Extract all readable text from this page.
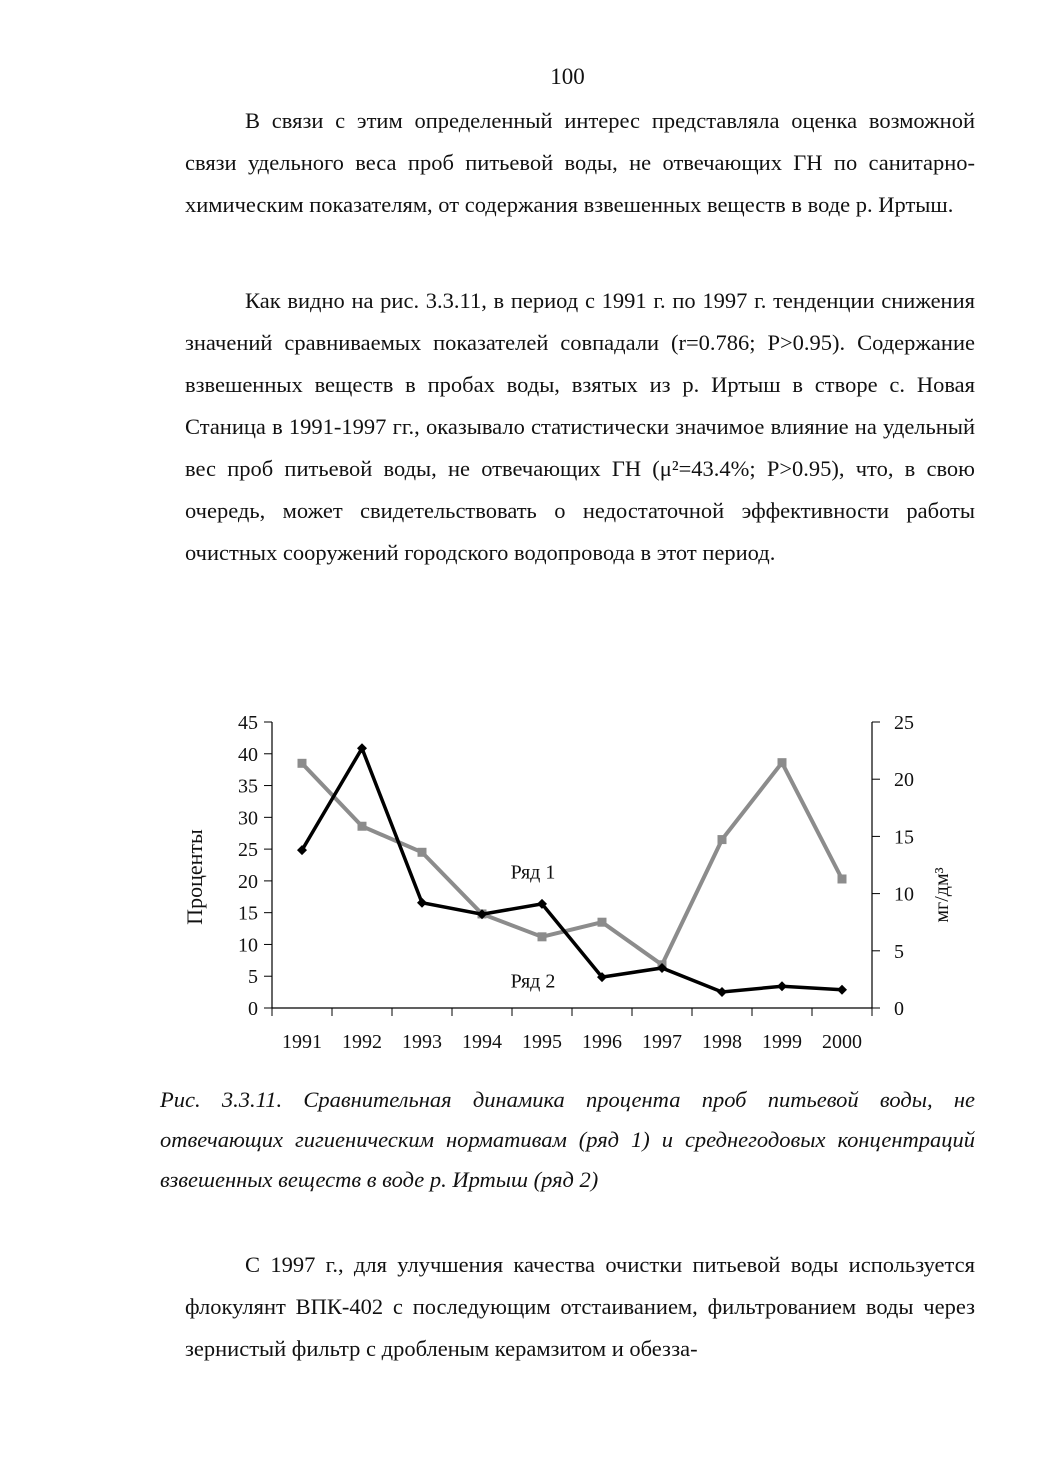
100

В связи с этим определенный интерес представляла оценка возможной связи удельного веса проб питьевой воды, не отвечающих ГН по санитарно-химическим показателям, от содержания взвешенных веществ в воде р. Иртыш.

Как видно на рис. 3.3.11, в период с 1991 г. по 1997 г. тенденции снижения значений сравниваемых показателей совпадали (r=0.786; P>0.95). Содержание взвешенных веществ в пробах воды, взятых из р. Иртыш в створе с. Новая Станица в 1991-1997 гг., оказывало статистически значимое влияние на удельный вес проб питьевой воды, не отвечающих ГН (μ²=43.4%; P>0.95), что, в свою очередь, может свидетельствовать о недостаточной эффективности работы очистных сооружений городского водопровода в этот период.

0
5
10
15
20
25
30
35
40
45
0
5
10
15
20
25
1991 1992 1993 1994 1995 1996 1997 1998 1999 2000
Проценты	мг/дм³
Ряд 1
Ряд 2

Рис. 3.3.11. Сравнительная динамика процента проб питьевой воды, не отвечающих гигиеническим нормативам (ряд 1) и среднегодовых концентраций взвешенных веществ в воде р. Иртыш (ряд 2)

С 1997 г., для улучшения качества очистки питьевой воды используется флокулянт ВПК-402 с последующим отстаиванием, фильтрованием воды через зернистый фильтр с дробленым керамзитом и обезза-
